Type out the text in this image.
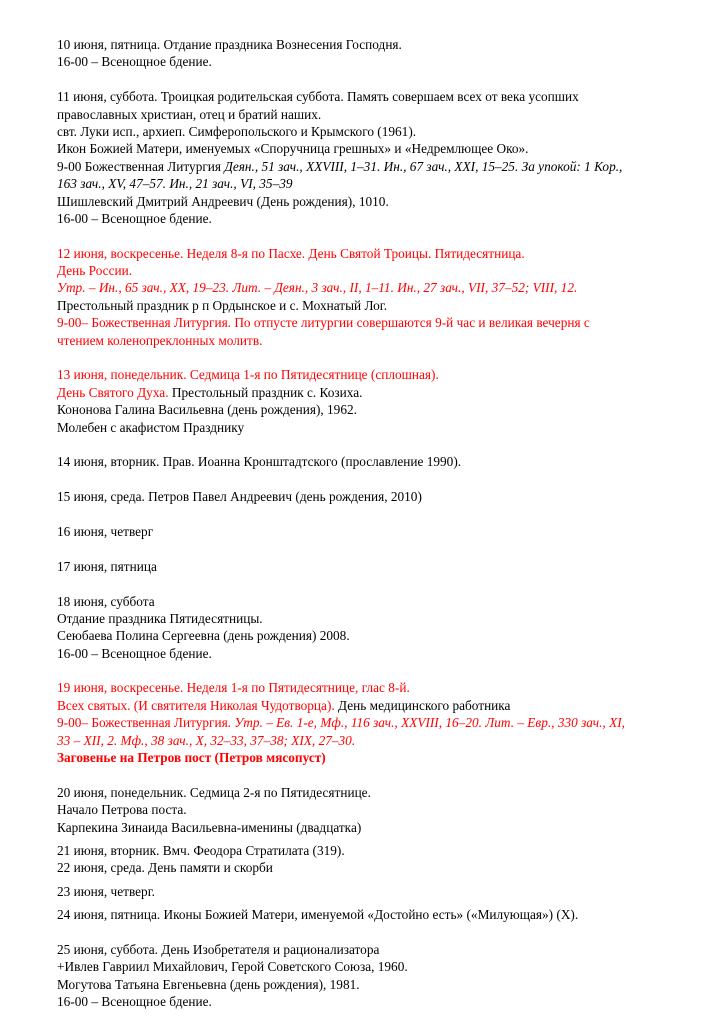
10 июня, пятница. Отдание праздника Вознесения Господня.
16-00 – Всенощное бдение.
11 июня, суббота. Троицкая родительская суббота. Память совершаем всех от века усопших
православных христиан, отец и братий наших.
свт. Луки исп., архиеп. Симферопольского и Крымского (1961).
Икон Божией Матери, именуемых «Споручница грешных» и «Недремлющее Око».
9-00 Божественная Литургия Деян., 51 зач., XXVIII, 1–31. Ин., 67 зач., XXI, 15–25. За упокой: 1 Кор.,
163 зач., XV, 47–57. Ин., 21 зач., VI, 35–39
Шишлевский Дмитрий Андреевич (День рождения), 1010.
16-00 – Всенощное бдение.
12 июня, воскресенье. Неделя 8-я по Пасхе. День Святой Троицы. Пятидесятница.
День России.
Утр. – Ин., 65 зач., XX, 19–23. Лит. – Деян., 3 зач., II, 1–11. Ин., 27 зач., VII, 37–52; VIII, 12.
Престольный праздник р п Ордынское и с. Мохнатый Лог.
9-00– Божественная Литургия. По отпусте литургии совершаются 9-й час и великая вечерня с
чтением коленопреклонных молитв.
13 июня, понедельник. Седмица 1-я по Пятидесятнице (сплошная).
День Святого Духа. Престольный праздник с. Козиха.
Кононова Галина Васильевна (день рождения), 1962.
Молебен с акафистом Празднику
14 июня, вторник. Прав. Иоанна Кронштадтского (прославление 1990).
15 июня, среда. Петров Павел Андреевич (день рождения, 2010)
16 июня, четверг
17 июня, пятница
18 июня, суббота
Отдание праздника Пятидесятницы.
Сеюбаева Полина Сергеевна (день рождения) 2008.
16-00 – Всенощное бдение.
19 июня, воскресенье. Неделя 1-я по Пятидесятнице, глас 8-й.
Всех святых. (И святителя Николая Чудотворца). День медицинского работника
9-00– Божественная Литургия. Утр. – Ев. 1-е, Мф., 116 зач., XXVIII, 16–20. Лит. – Евр., 330 зач., XI,
33 – XII, 2. Мф., 38 зач., X, 32–33, 37–38; XIX, 27–30.
Заговенье на Петров пост (Петров мясопуст)
20 июня, понедельник. Седмица 2-я по Пятидесятнице.
Начало Петрова поста.
Карпекина Зинаида Васильевна-именины (двадцатка)
21 июня, вторник. Вмч. Феодора Стратилата (319).
22 июня, среда. День памяти и скорби
23 июня, четверг.
24 июня, пятница. Иконы Божией Матери, именуемой «Достойно есть» («Милующая») (X).
25 июня, суббота. День Изобретателя и рационализатора
+Ивлев Гавриил Михайлович, Герой Советского Союза, 1960.
Могутова Татьяна Евгеньевна (день рождения), 1981.
16-00 – Всенощное бдение.
